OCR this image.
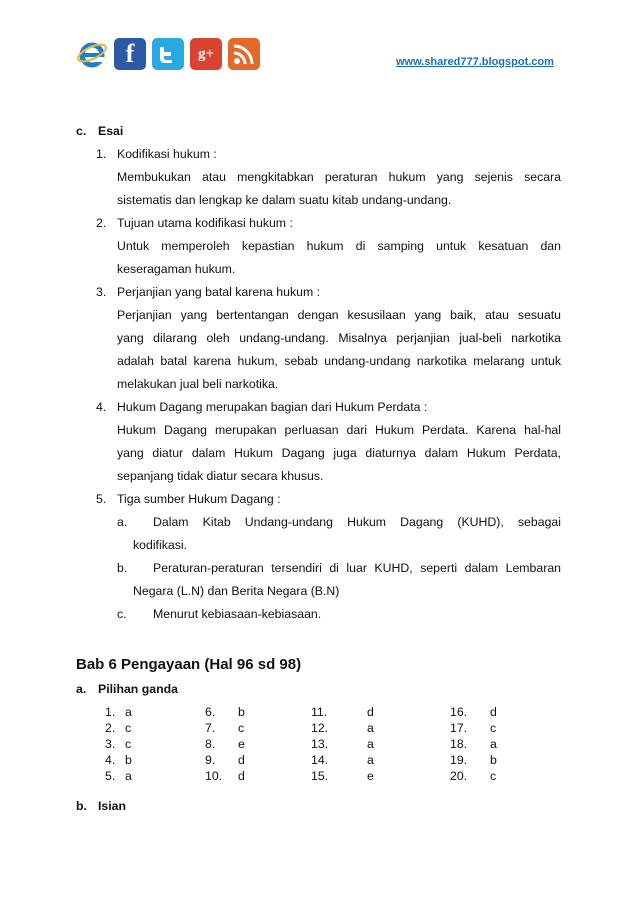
f	g+
www.shared777.blogspot.com
c. Esai
1. Kodifikasi hukum :
Membukukan atau mengkitabkan peraturan hukum yang sejenis secara
sistematis dan lengkap ke dalam suatu kitab undang-undang.
2. Tujuan utama kodifikasi hukum :
Untuk memperoleh kepastian hukum di samping untuk kesatuan dan
keseragaman hukum.
3. Perjanjian yang batal karena hukum :
Perjanjian yang bertentangan dengan kesusilaan yang baik, atau sesuatu
yang dilarang oleh undang-undang. Misalnya perjanjian jual-beli narkotika
adalah batal karena hukum, sebab undang-undang narkotika melarang untuk
melakukan jual beli narkotika.
4. Hukum Dagang merupakan bagian dari Hukum Perdata :
Hukum Dagang merupakan perluasan dari Hukum Perdata. Karena hal-hal
yang diatur dalam Hukum Dagang juga diaturnya dalam Hukum Perdata,
sepanjang tidak diatur secara khusus.
5. Tiga sumber Hukum Dagang :
a. Dalam Kitab Undang-undang Hukum Dagang (KUHD), sebagai
kodifikasi.
b. Peraturan-peraturan tersendiri di luar KUHD, seperti dalam Lembaran
Negara (L.N) dan Berita Negara (B.N)
c. Menurut kebiasaan-kebiasaan.
Bab 6 Pengayaan (Hal 96 sd 98)
a. Pilihan ganda
1. a	6. b	11.	d	16. d
2. c	7. c	12.	a	17. c
3. c	8. e	13.	a	18. a
4. b	9. d	14.	a	19. b
5. a	10. d	15.	e	20. c
b. Isian
